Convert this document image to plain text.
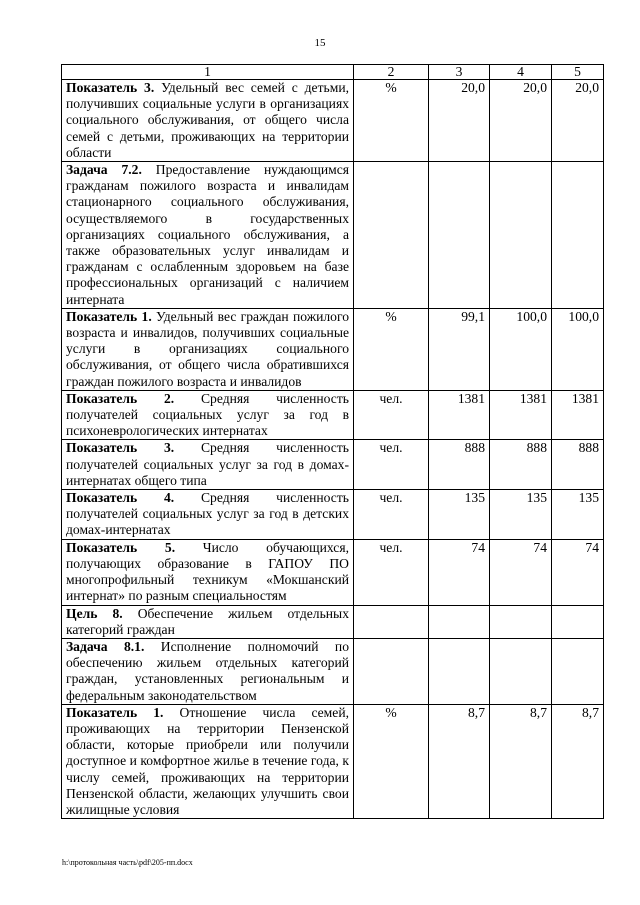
15
1	2	3	4	5
Показатель 3. Удельный вес семей с детьми, получивших социальные услуги в организациях социального обслуживания, от общего числа семей с детьми, проживающих на территории области	%	20,0	20,0	20,0
Задача 7.2. Предоставление нуждающимся гражданам пожилого возраста и инвалидам стационарного социального обслуживания, осуществляемого в государственных организациях социального обслуживания, а также образовательных услуг инвалидам и гражданам с ослабленным здоровьем на базе профессиональных организаций с наличием интерната				
Показатель 1. Удельный вес граждан пожилого возраста и инвалидов, получивших социальные услуги в организациях социального обслуживания, от общего числа обратившихся граждан пожилого возраста и инвалидов	%	99,1	100,0	100,0
Показатель 2. Средняя численность получателей социальных услуг за год в психоневрологических интернатах	чел.	1381	1381	1381
Показатель 3. Средняя численность получателей социальных услуг за год в домах-интернатах общего типа	чел.	888	888	888
Показатель 4. Средняя численность получателей социальных услуг за год в детских домах-интернатах	чел.	135	135	135
Показатель 5. Число обучающихся, получающих образование в ГАПОУ ПО многопрофильный техникум «Мокшанский интернат» по разным специальностям	чел.	74	74	74
Цель 8. Обеспечение жильем отдельных категорий граждан				
Задача 8.1. Исполнение полномочий по обеспечению жильем отдельных категорий граждан, установленных региональным и федеральным законодательством				
Показатель 1. Отношение числа семей, проживающих на территории Пензенской области, которые приобрели или получили доступное и комфортное жилье в течение года, к числу семей, проживающих на территории Пензенской области, желающих улучшить свои жилищные условия	%	8,7	8,7	8,7
h:\протокольная часть\pdf\205-пп.docx
